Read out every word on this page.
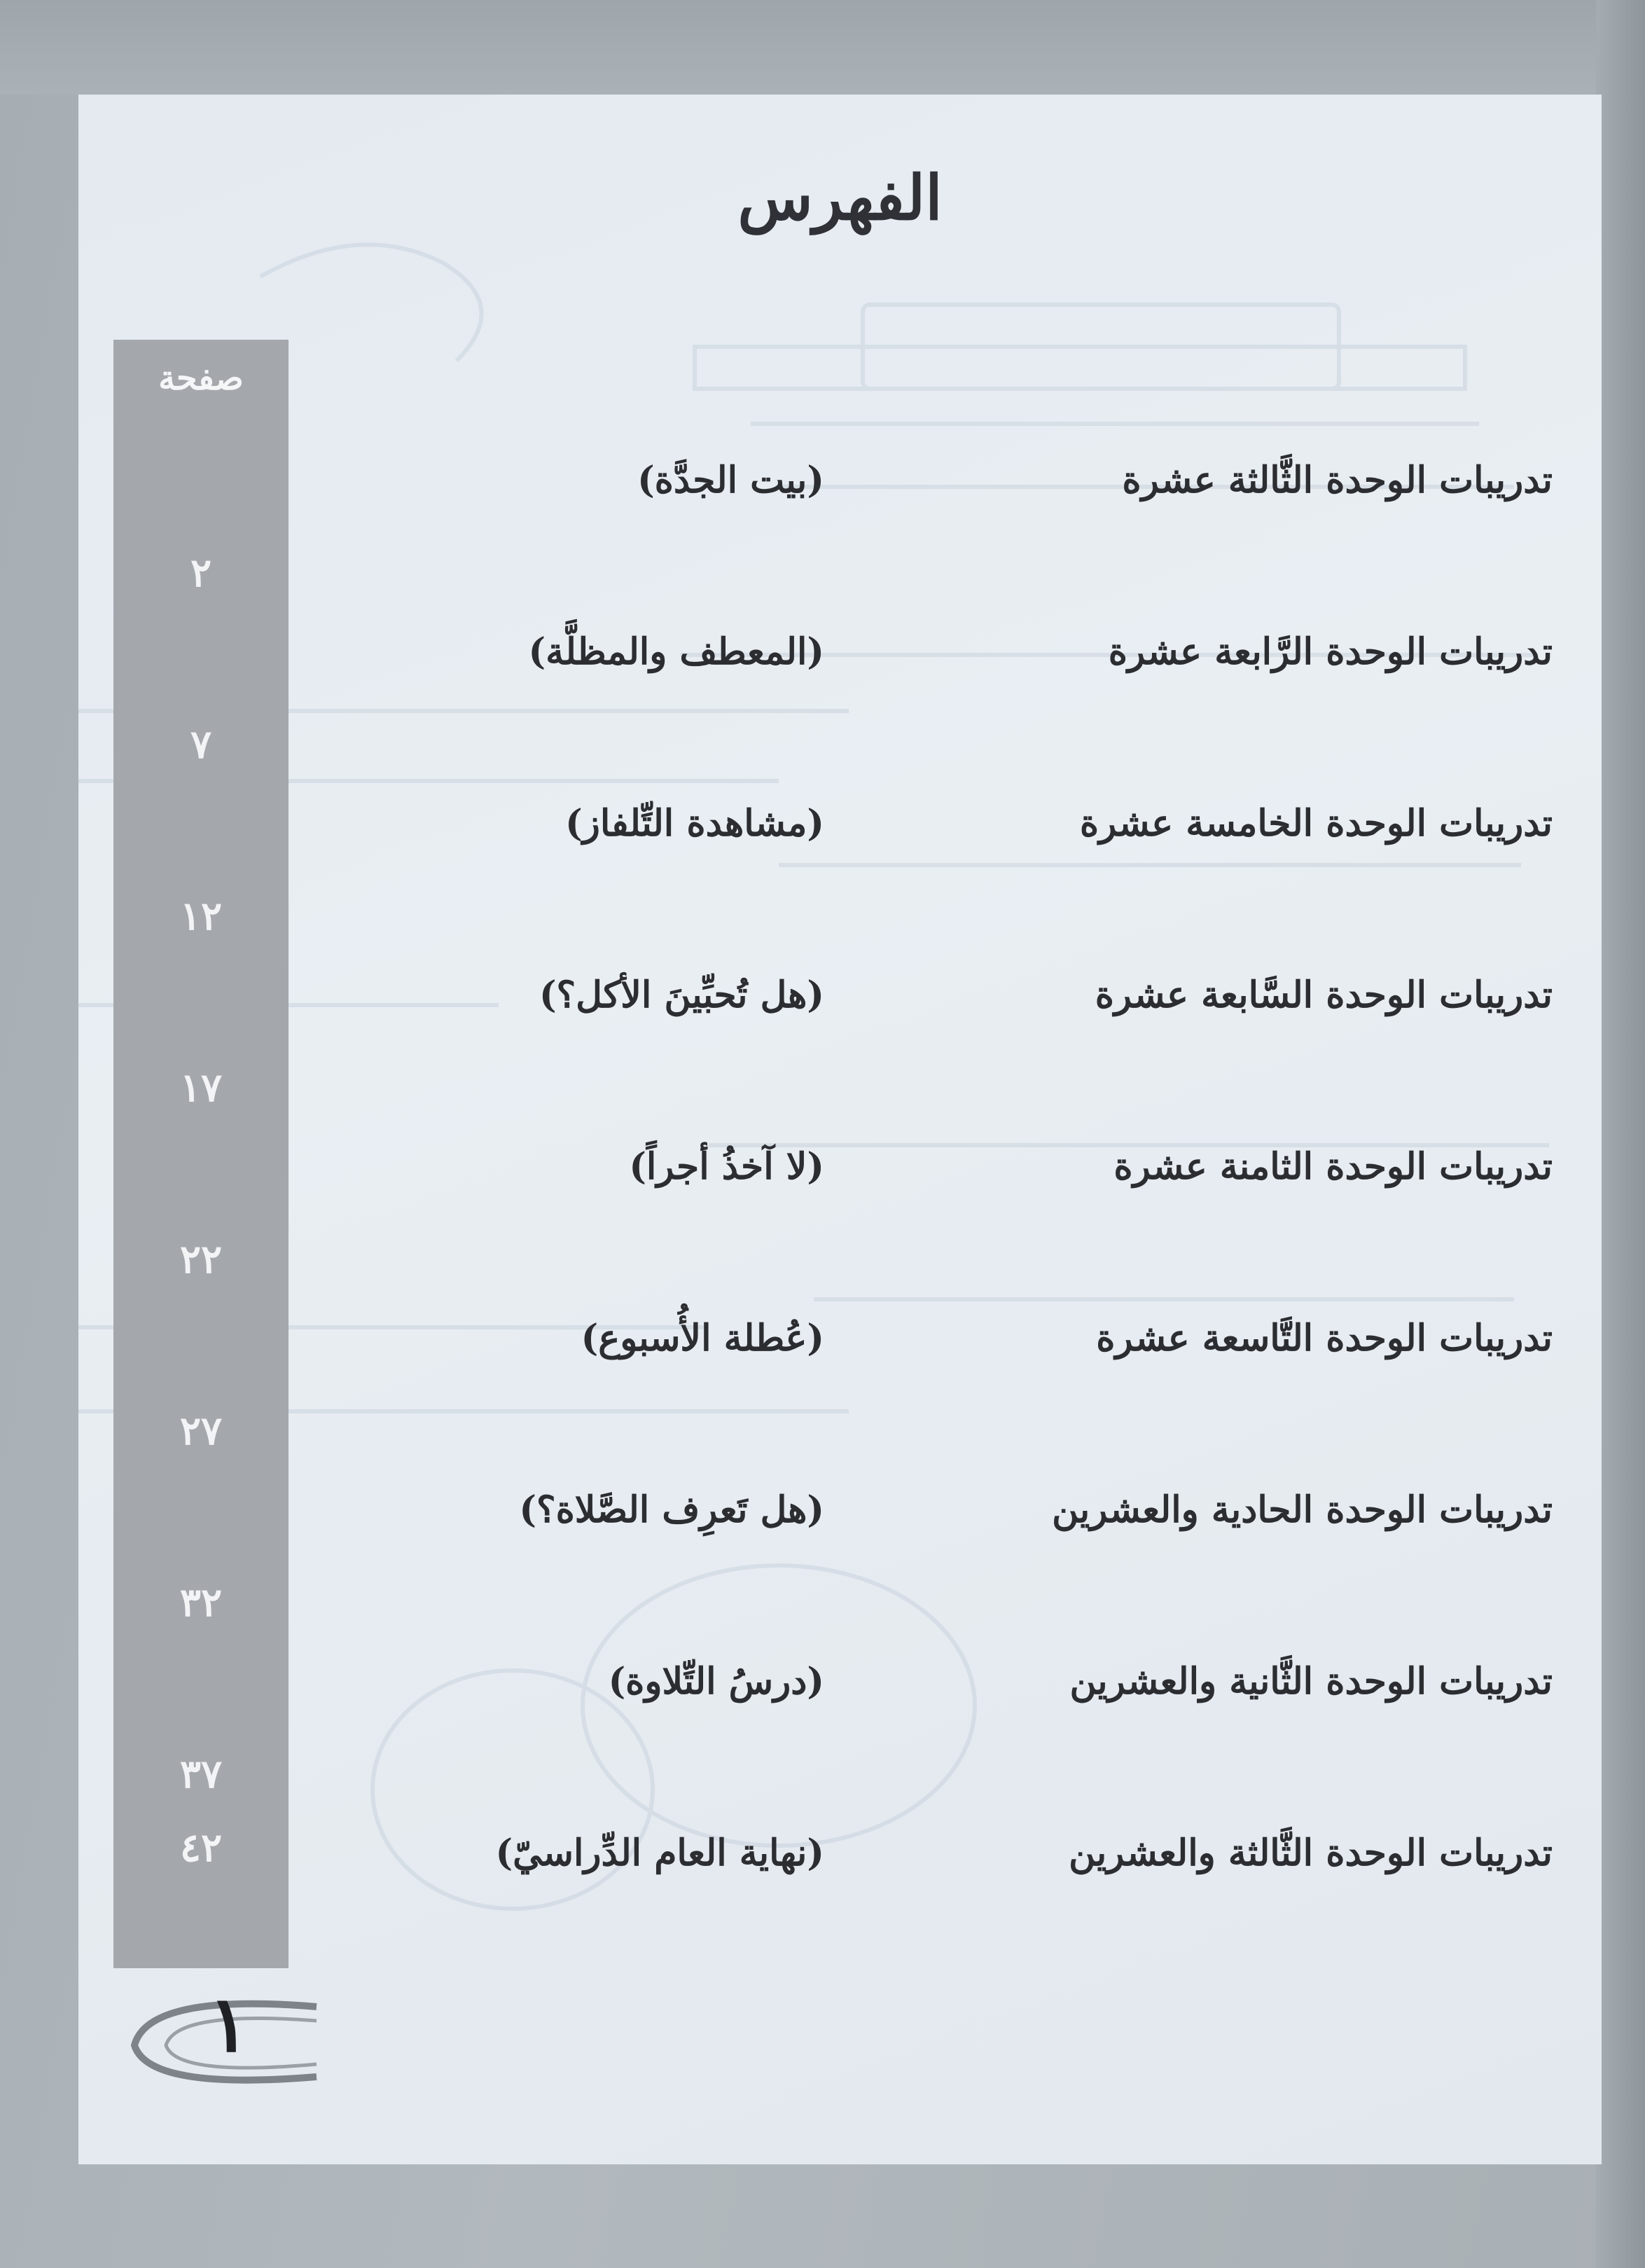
الفهرس
صفحة
٢
٧
١٢
١٧
٢٢
٢٧
٣٢
٣٧
تدريبات الوحدة الثَّالثة عشرة
(بيت الجدَّة)
تدريبات الوحدة الرَّابعة عشرة
(المعطف والمظلَّة)
تدريبات الوحدة الخامسة عشرة
(مشاهدة التِّلفاز)
تدريبات الوحدة السَّابعة عشرة
(هل تُحبِّينَ الأكل؟)
تدريبات الوحدة الثامنة عشرة
(لا آخذُ أجراً)
تدريبات الوحدة التَّاسعة عشرة
(عُطلة الأُسبوع)
تدريبات الوحدة الحادية والعشرين
(هل تَعرِف الصَّلاة؟)
تدريبات الوحدة الثَّانية والعشرين
(درسُ التِّلاوة)
تدريبات الوحدة الثَّالثة والعشرين
(نهاية العام الدِّراسيّ)
٤٢
١
